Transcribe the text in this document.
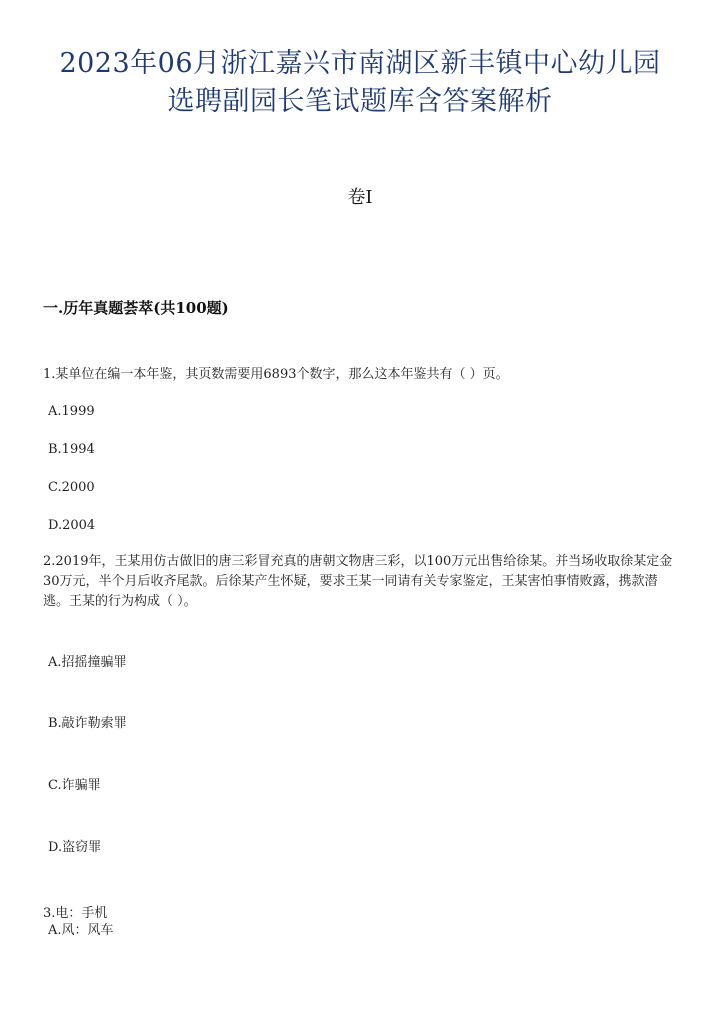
2023年06月浙江嘉兴市南湖区新丰镇中心幼儿园
选聘副园长笔试题库含答案解析
卷I
一.历年真题荟萃(共100题)
1.某单位在编一本年鉴，其页数需要用6893个数字，那么这本年鉴共有（ ）页。
A.1999
B.1994
C.2000
D.2004
2.2019年，王某用仿古做旧的唐三彩冒充真的唐朝文物唐三彩，以100万元出售给徐某。并当场收取徐某定金30万元，半个月后收齐尾款。后徐某产生怀疑，要求王某一同请有关专家鉴定，王某害怕事情败露，携款潜逃。王某的行为构成（ ）。
A.招摇撞骗罪
B.敲诈勒索罪
C.诈骗罪
D.盗窃罪
3.电：手机
A.风：风车
